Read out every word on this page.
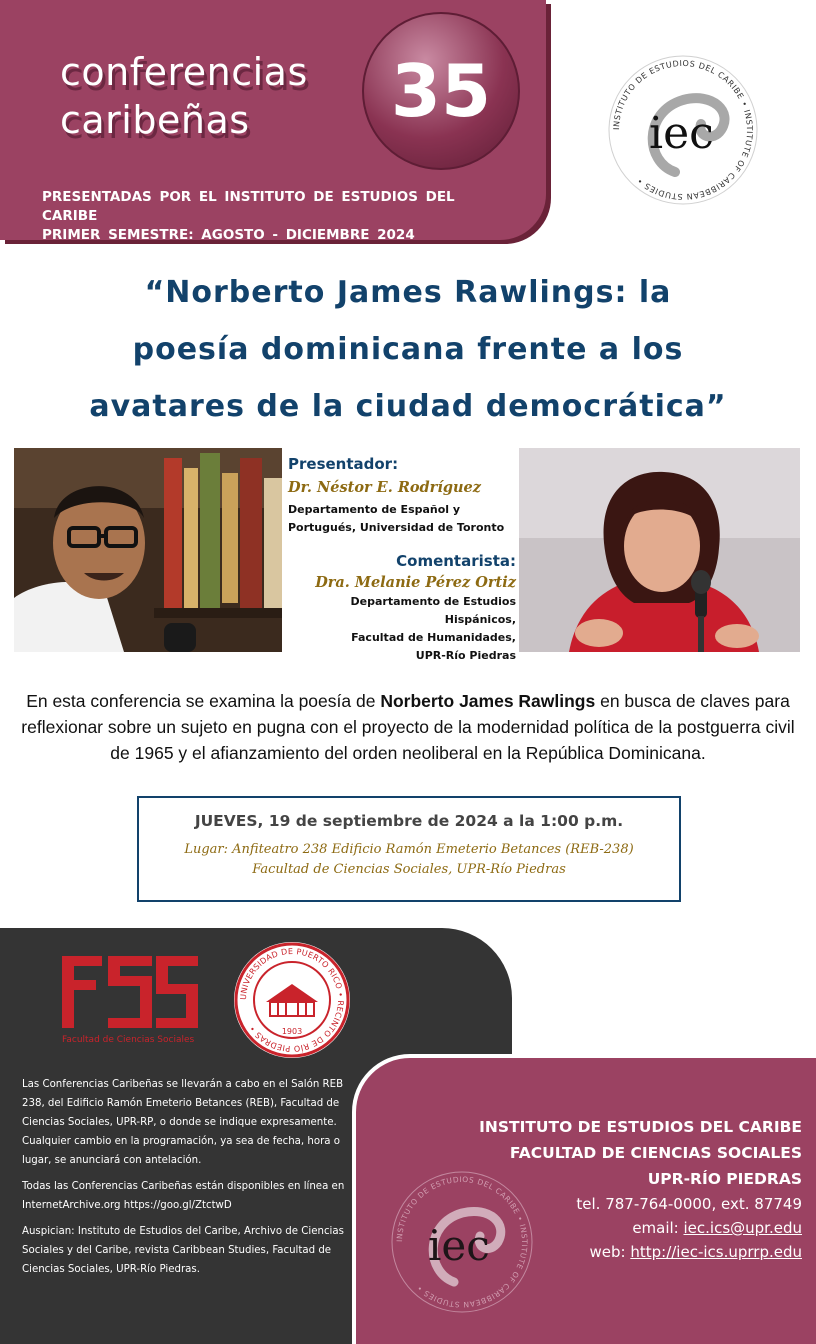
conferencias
caribeñas	35
PRESENTADAS POR EL INSTITUTO DE ESTUDIOS DEL CARIBE
PRIMER SEMESTRE: AGOSTO - DICIEMBRE 2024
INSTITUTO DE ESTUDIOS DEL CARIBE • INSTITUTE OF CARIBBEAN STUDIES •
iec
“Norberto James Rawlings: la
poesía dominicana frente a los
avatares de la ciudad democrática”
Presentador:
Dr. Néstor E. Rodríguez
Departamento de Español y
Portugués, Universidad de Toronto
Comentarista:
Dra. Melanie Pérez Ortiz
Departamento de Estudios Hispánicos,
Facultad de Humanidades,
UPR-Río Piedras
En esta conferencia se examina la poesía de Norberto James Rawlings en busca de claves para reflexionar sobre un sujeto en pugna con el proyecto de la modernidad política de la postguerra civil de 1965 y el afianzamiento del orden neoliberal en la República Dominicana.
JUEVES, 19 de septiembre de 2024 a la 1:00 p.m.
Lugar: Anfiteatro 238 Edificio Ramón Emeterio Betances (REB-238)
Facultad de Ciencias Sociales, UPR-Río Piedras
Facultad de Ciencias Sociales
UNIVERSIDAD DE PUERTO RICO • RECINTO DE RÍO PIEDRAS •	1903

Las Conferencias Caribeñas se llevarán a cabo en el Salón REB 238, del Edificio Ramón Emeterio Betances (REB), Facultad de Ciencias Sociales, UPR-RP, o donde se indique expresamente. Cualquier cambio en la programación, ya sea de fecha, hora o lugar, se anunciará con antelación.

Todas las Conferencias Caribeñas están disponibles en línea en InternetArchive.org https://goo.gl/ZtctwD

Auspician: Instituto de Estudios del Caribe, Archivo de Ciencias Sociales y del Caribe, revista Caribbean Studies, Facultad de Ciencias Sociales, UPR-Río Piedras.

INSTITUTO DE ESTUDIOS DEL CARIBE • INSTITUTE OF CARIBBEAN STUDIES •
iec
INSTITUTO DE ESTUDIOS DEL CARIBE
FACULTAD DE CIENCIAS SOCIALES
UPR-RÍO PIEDRAS
tel. 787-764-0000, ext. 87749
email: iec.ics@upr.edu
web: http://iec-ics.uprrp.edu
